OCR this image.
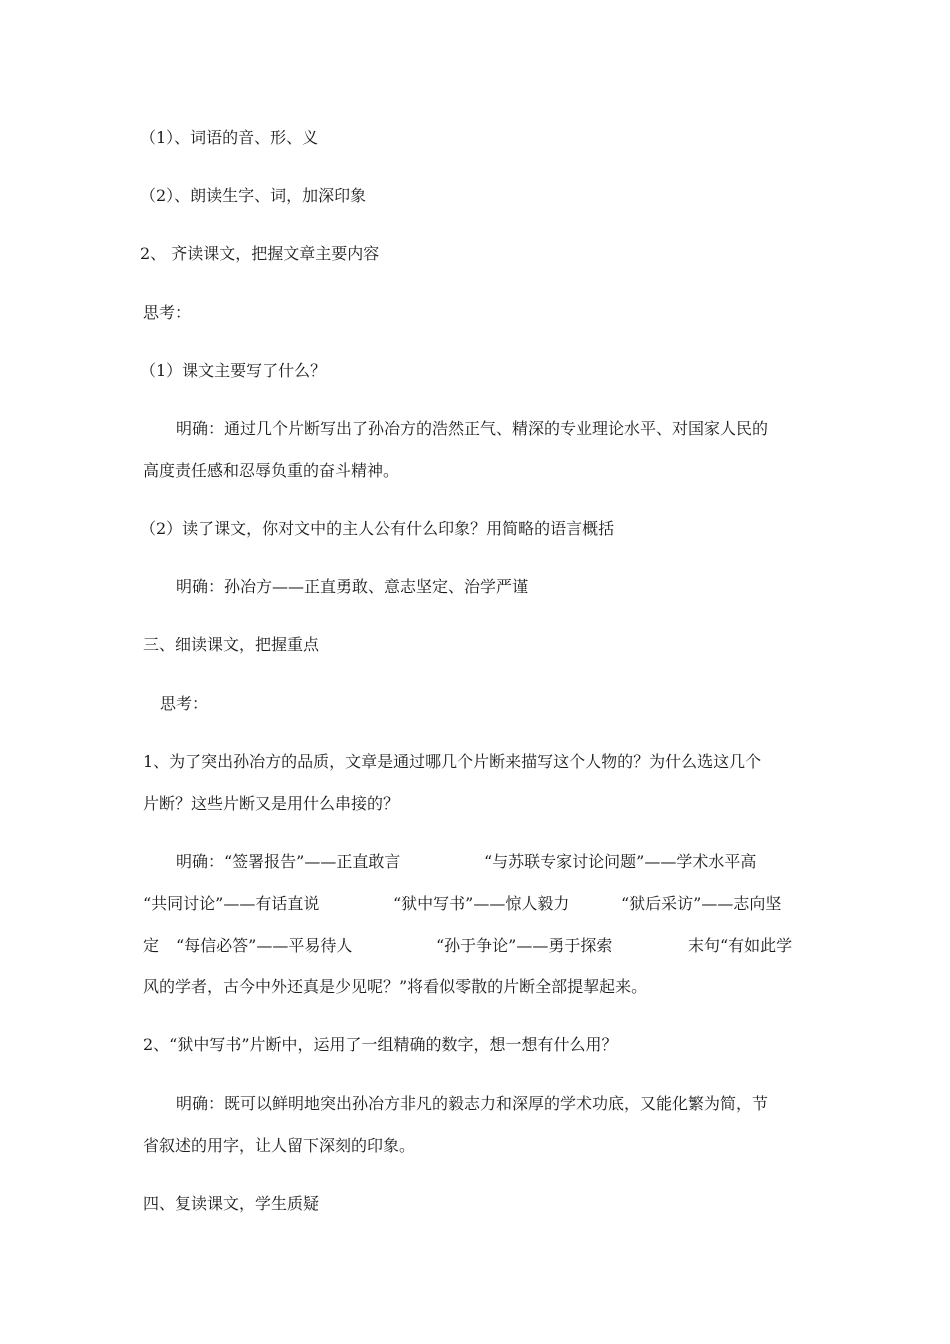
（1）、词语的音、形、义
（2）、朗读生字、词，加深印象
2、 齐读课文，把握文章主要内容
思考：
（1）课文主要写了什么？
明确：通过几个片断写出了孙冶方的浩然正气、精深的专业理论水平、对国家人民的
高度责任感和忍辱负重的奋斗精神。
（2）读了课文，你对文中的主人公有什么印象？用简略的语言概括
明确：孙冶方——正直勇敢、意志坚定、治学严谨
三、细读课文，把握重点
思考：
1、为了突出孙冶方的品质，文章是通过哪几个片断来描写这个人物的？为什么选这几个
片断？这些片断又是用什么串接的？
明确：“签署报告”——正直敢言	“与苏联专家讨论问题”——学术水平高
“共同讨论”——有话直说	“狱中写书”——惊人毅力	“狱后采访”——志向坚
定 “每信必答”——平易待人	“孙于争论”——勇于探索	末句“有如此学
风的学者，古今中外还真是少见呢？”将看似零散的片断全部提挈起来。
2、“狱中写书”片断中，运用了一组精确的数字，想一想有什么用？
明确：既可以鲜明地突出孙冶方非凡的毅志力和深厚的学术功底，又能化繁为简，节
省叙述的用字，让人留下深刻的印象。
四、复读课文，学生质疑
